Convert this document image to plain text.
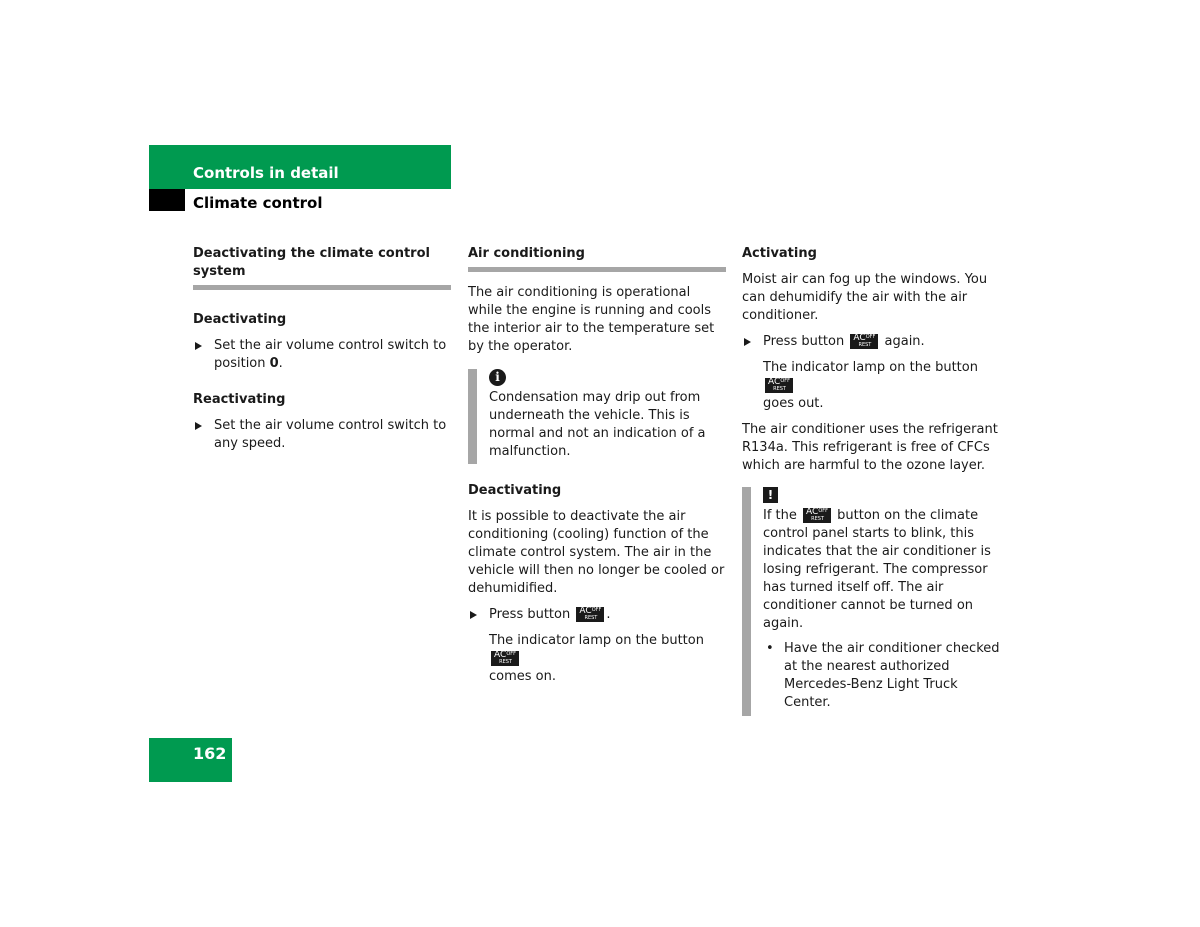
Controls in detail
Climate control
Deactivating the climate control system
Deactivating
Set the air volume control switch to position 0.
Reactivating
Set the air volume control switch to any speed.
Air conditioning

The air conditioning is operational while the engine is running and cools the interior air to the temperature set by the operator.

i

Condensation may drip out from underneath the vehicle. This is normal and not an indication of a malfunction.

Deactivating

It is possible to deactivate the air conditioning (cooling) function of the climate control system. The air in the vehicle will then no longer be cooled or dehumidified.

Press button AC OFF
REST .
The indicator lamp on the button
AC OFF
REST

comes on.
Activating

Moist air can fog up the windows. You can dehumidify the air with the air conditioner.

Press button AC OFF
REST again.
The indicator lamp on the button
AC OFF
REST

goes out.

The air conditioner uses the refrigerant R134a. This refrigerant is free of CFCs which are harmful to the ozone layer.

!

If the AC OFF
REST button on the climate control panel starts to blink, this indicates that the air conditioner is losing refrigerant. The compressor has turned itself off. The air conditioner cannot be turned on again.

• Have the air conditioner checked at the nearest authorized Mercedes-Benz Light Truck Center.
162
